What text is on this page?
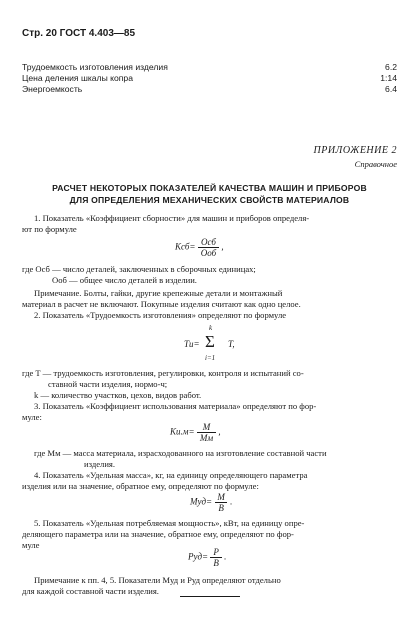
Стр. 20 ГОСТ 4.403—85
Трудоемкость изготовления изделия	6.2
Цена деления шкалы копра	1:14
Энергоемкость	6.4
ПРИЛОЖЕНИЕ 2
Справочное
РАСЧЕТ НЕКОТОРЫХ ПОКАЗАТЕЛЕЙ КАЧЕСТВА МАШИН И ПРИБОРОВ
ДЛЯ ОПРЕДЕЛЕНИЯ МЕХАНИЧЕСКИХ СВОЙСТВ МАТЕРИАЛОВ
1. Показатель «Коэффициент сборности» для машин и приборов определя-
ют по формуле
$Kсб= \frac{\text{Oсб}}{\text{Oоб}}$ ,
где Oсб — число деталей, заключенных в сборочных единицах;
Oоб — общее число деталей в изделии.
Примечание. Болты, гайки, другие крепежные детали и монтажный
материал в расчет не включают. Покупные изделия считают как одно целое.
2. Показатель «Трудоемкость изготовления» определяют по формуле
k
Tи= Σ
i=1
T,
где T — трудоемкость изготовления, регулировки, контроля и испытаний со-
ставной части изделия, нормо-ч;
k — количество участков, цехов, видов работ.
3. Показатель «Коэффициент использования материала» определяют по фор-
муле:
$Kи.м= \frac{M}{Mм}$ ,
где Mм — масса материала, израсходованного на изготовление составной части
изделия.
4. Показатель «Удельная масса», кг, на единицу определяющего параметра
изделия или на значение, обратное ему, определяют по формуле:
$Mуд= \frac{M}{B}$ .
5. Показатель «Удельная потребляемая мощность», кВт, на единицу опре-
деляющего параметра или на значение, обратное ему, определяют по фор-
муле
$Pуд= \frac{P}{B}$ .
Примечание к пп. 4, 5. Показатели Mуд и Pуд определяют отдельно
для каждой составной части изделия.
